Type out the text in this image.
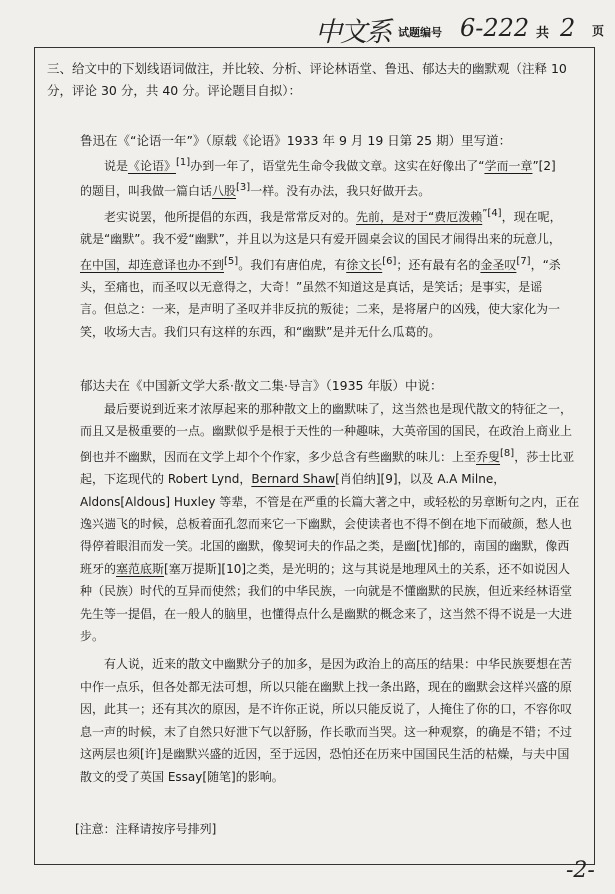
中文系 试题编号 6-222 共 2 页

三、给文中的下划线语词做注，并比较、分析、评论林语堂、鲁迅、郁达夫的幽默观（注释 10 分，评论 30 分，共 40 分。评论题目自拟）：

鲁迅在《“论语一年”》（原载《论语》1933 年 9 月 19 日第 25 期）里写道：

说是《论语》[1]办到一年了，语堂先生命令我做文章。这实在好像出了“学而一章”[2]的题目，叫我做一篇白话八股[3]一样。没有办法，我只好做开去。

老实说罢，他所提倡的东西，我是常常反对的。先前，是对于“费厄泼赖$^{”[4]}$，现在呢，就是“幽默”。我不爱“幽默”，并且以为这是只有爱开圆桌会议的国民才闹得出来的玩意儿，在中国，却连意译也办不到[5]。我们有唐伯虎，有徐文长[6]；还有最有名的金圣叹[7]，“杀头，至痛也，而圣叹以无意得之，大奇！”虽然不知道这是真话，是笑话；是事实，是谣言。但总之：一来，是声明了圣叹并非反抗的叛徒；二来，是将屠户的凶残，使大家化为一笑，收场大吉。我们只有这样的东西，和“幽默”是并无什么瓜葛的。

郁达夫在《中国新文学大系·散文二集·导言》（1935 年版）中说：

最后要说到近来才浓厚起来的那种散文上的幽默味了，这当然也是现代散文的特征之一，而且又是极重要的一点。幽默似乎是根于天性的一种趣味，大英帝国的国民，在政治上商业上倒也并不幽默，因而在文学上却个个作家，多少总含有些幽默的味儿：上至乔叟[8]，莎士比亚起，下迄现代的 Robert Lynd，Bernard Shaw[肖伯纳][9]，以及 A.A Milne，Aldons[Aldous] Huxley 等辈，不管是在严重的长篇大著之中，或轻松的另章断句之内，正在逸兴遄飞的时候，总板着面孔忽而来它一下幽默，会使读者也不得不倒在地下而破颜，愁人也得停着眼泪而发一笑。北国的幽默，像契诃夫的作品之类，是幽[忧]郁的，南国的幽默，像西班牙的塞范底斯[塞万提斯][10]之类，是光明的；这与其说是地理风土的关系，还不如说因人种（民族）时代的互异而使然；我们的中华民族，一向就是不懂幽默的民族，但近来经林语堂先生等一提倡，在一般人的脑里，也懂得点什么是幽默的概念来了，这当然不得不说是一大进步。

有人说，近来的散文中幽默分子的加多，是因为政治上的高压的结果：中华民族要想在苦中作一点乐，但各处都无法可想，所以只能在幽默上找一条出路，现在的幽默会这样兴盛的原因，此其一；还有其次的原因，是不许你正说，所以只能反说了，人掩住了你的口，不容你叹息一声的时候，末了自然只好泄下气以舒肠，作长歌而当哭。这一种观察，的确是不错；不过这两层也须[许]是幽默兴盛的近因，至于远因，恐怕还在历来中国国民生活的枯燥，与夫中国散文的受了英国 Essay[随笔]的影响。

[注意：注释请按序号排列]

-2-
